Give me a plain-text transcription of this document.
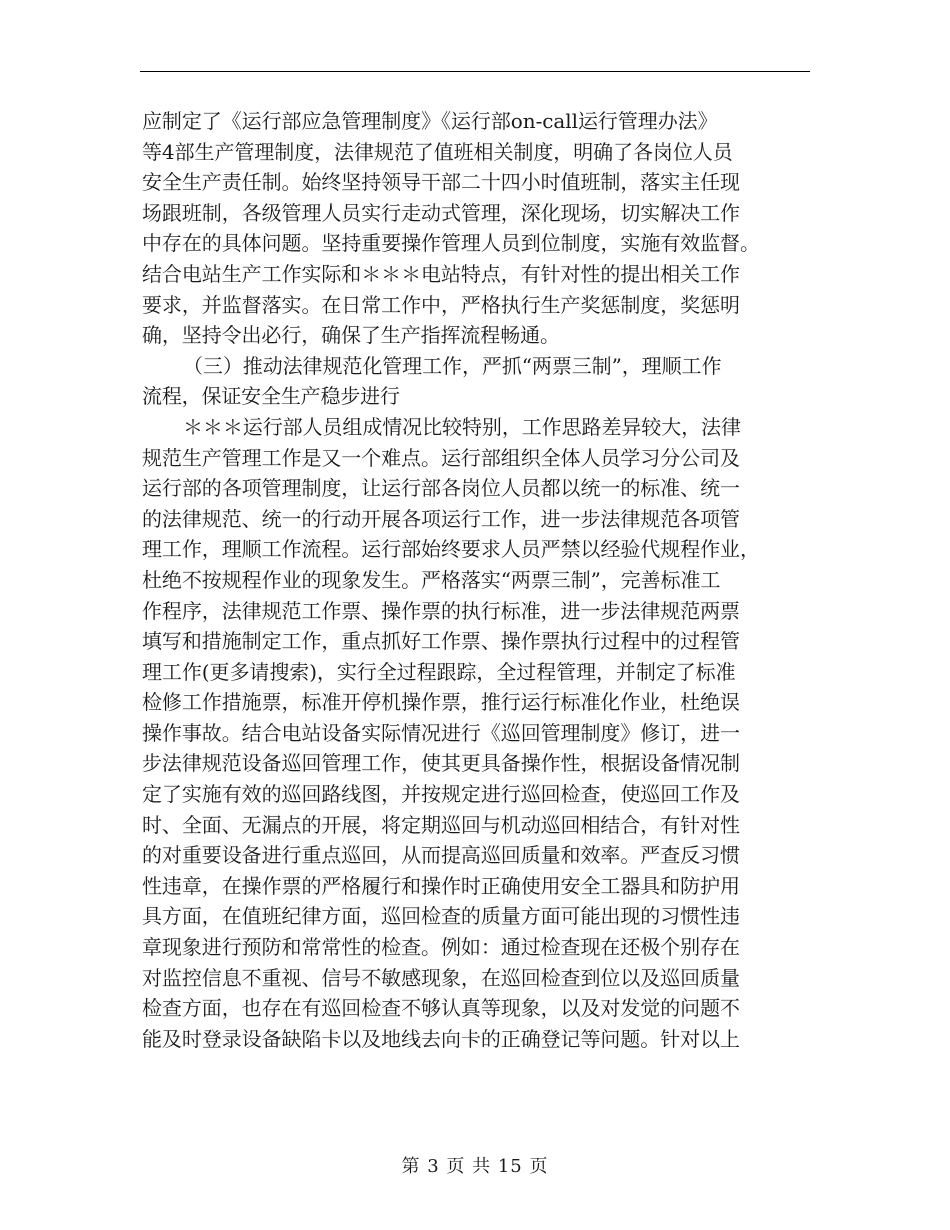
应制定了《运行部应急管理制度》《运行部on-call运行管理办法》
等4部生产管理制度，法律规范了值班相关制度，明确了各岗位人员
安全生产责任制。始终坚持领导干部二十四小时值班制，落实主任现
场跟班制，各级管理人员实行走动式管理，深化现场，切实解决工作
中存在的具体问题。坚持重要操作管理人员到位制度，实施有效监督。
结合电站生产工作实际和＊＊＊电站特点，有针对性的提出相关工作
要求，并监督落实。在日常工作中，严格执行生产奖惩制度，奖惩明
确，坚持令出必行，确保了生产指挥流程畅通。
（三）推动法律规范化管理工作，严抓“两票三制”，理顺工作
流程，保证安全生产稳步进行
＊＊＊运行部人员组成情况比较特别，工作思路差异较大，法律
规范生产管理工作是又一个难点。运行部组织全体人员学习分公司及
运行部的各项管理制度，让运行部各岗位人员都以统一的标准、统一
的法律规范、统一的行动开展各项运行工作，进一步法律规范各项管
理工作，理顺工作流程。运行部始终要求人员严禁以经验代规程作业，
杜绝不按规程作业的现象发生。严格落实“两票三制”，完善标准工
作程序，法律规范工作票、操作票的执行标准，进一步法律规范两票
填写和措施制定工作，重点抓好工作票、操作票执行过程中的过程管
理工作(更多请搜索)，实行全过程跟踪，全过程管理，并制定了标准
检修工作措施票，标准开停机操作票，推行运行标准化作业，杜绝误
操作事故。结合电站设备实际情况进行《巡回管理制度》修订，进一
步法律规范设备巡回管理工作，使其更具备操作性，根据设备情况制
定了实施有效的巡回路线图，并按规定进行巡回检查，使巡回工作及
时、全面、无漏点的开展，将定期巡回与机动巡回相结合，有针对性
的对重要设备进行重点巡回，从而提高巡回质量和效率。严查反习惯
性违章，在操作票的严格履行和操作时正确使用安全工器具和防护用
具方面，在值班纪律方面，巡回检查的质量方面可能出现的习惯性违
章现象进行预防和常常性的检查。例如：通过检查现在还极个别存在
对监控信息不重视、信号不敏感现象，在巡回检查到位以及巡回质量
检查方面，也存在有巡回检查不够认真等现象，以及对发觉的问题不
能及时登录设备缺陷卡以及地线去向卡的正确登记等问题。针对以上
第 3 页 共 15 页
